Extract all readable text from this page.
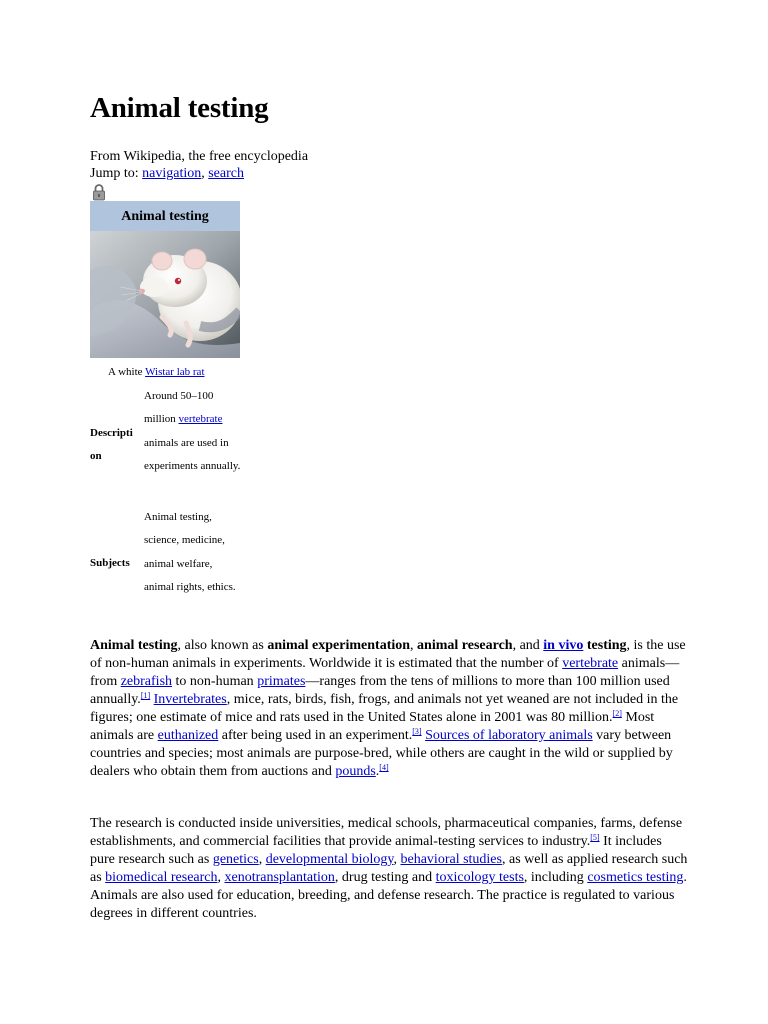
Animal testing
From Wikipedia, the free encyclopedia
Jump to: navigation, search
Animal testing
A white Wistar lab rat
Descripti
on
Around 50–100 million vertebrate animals are used in experiments annually.
Subjects
Animal testing, science, medicine, animal welfare, animal rights, ethics.
Animal testing, also known as animal experimentation, animal research, and in vivo testing, is the use of non-human animals in experiments. Worldwide it is estimated that the number of vertebrate animals—from zebrafish to non-human primates—ranges from the tens of millions to more than 100 million used annually.[1] Invertebrates, mice, rats, birds, fish, frogs, and animals not yet weaned are not included in the figures; one estimate of mice and rats used in the United States alone in 2001 was 80 million.[2] Most animals are euthanized after being used in an experiment.[3] Sources of laboratory animals vary between countries and species; most animals are purpose-bred, while others are caught in the wild or supplied by dealers who obtain them from auctions and pounds.[4]
The research is conducted inside universities, medical schools, pharmaceutical companies, farms, defense establishments, and commercial facilities that provide animal-testing services to industry.[5] It includes pure research such as genetics, developmental biology, behavioral studies, as well as applied research such as biomedical research, xenotransplantation, drug testing and toxicology tests, including cosmetics testing. Animals are also used for education, breeding, and defense research. The practice is regulated to various degrees in different countries.
